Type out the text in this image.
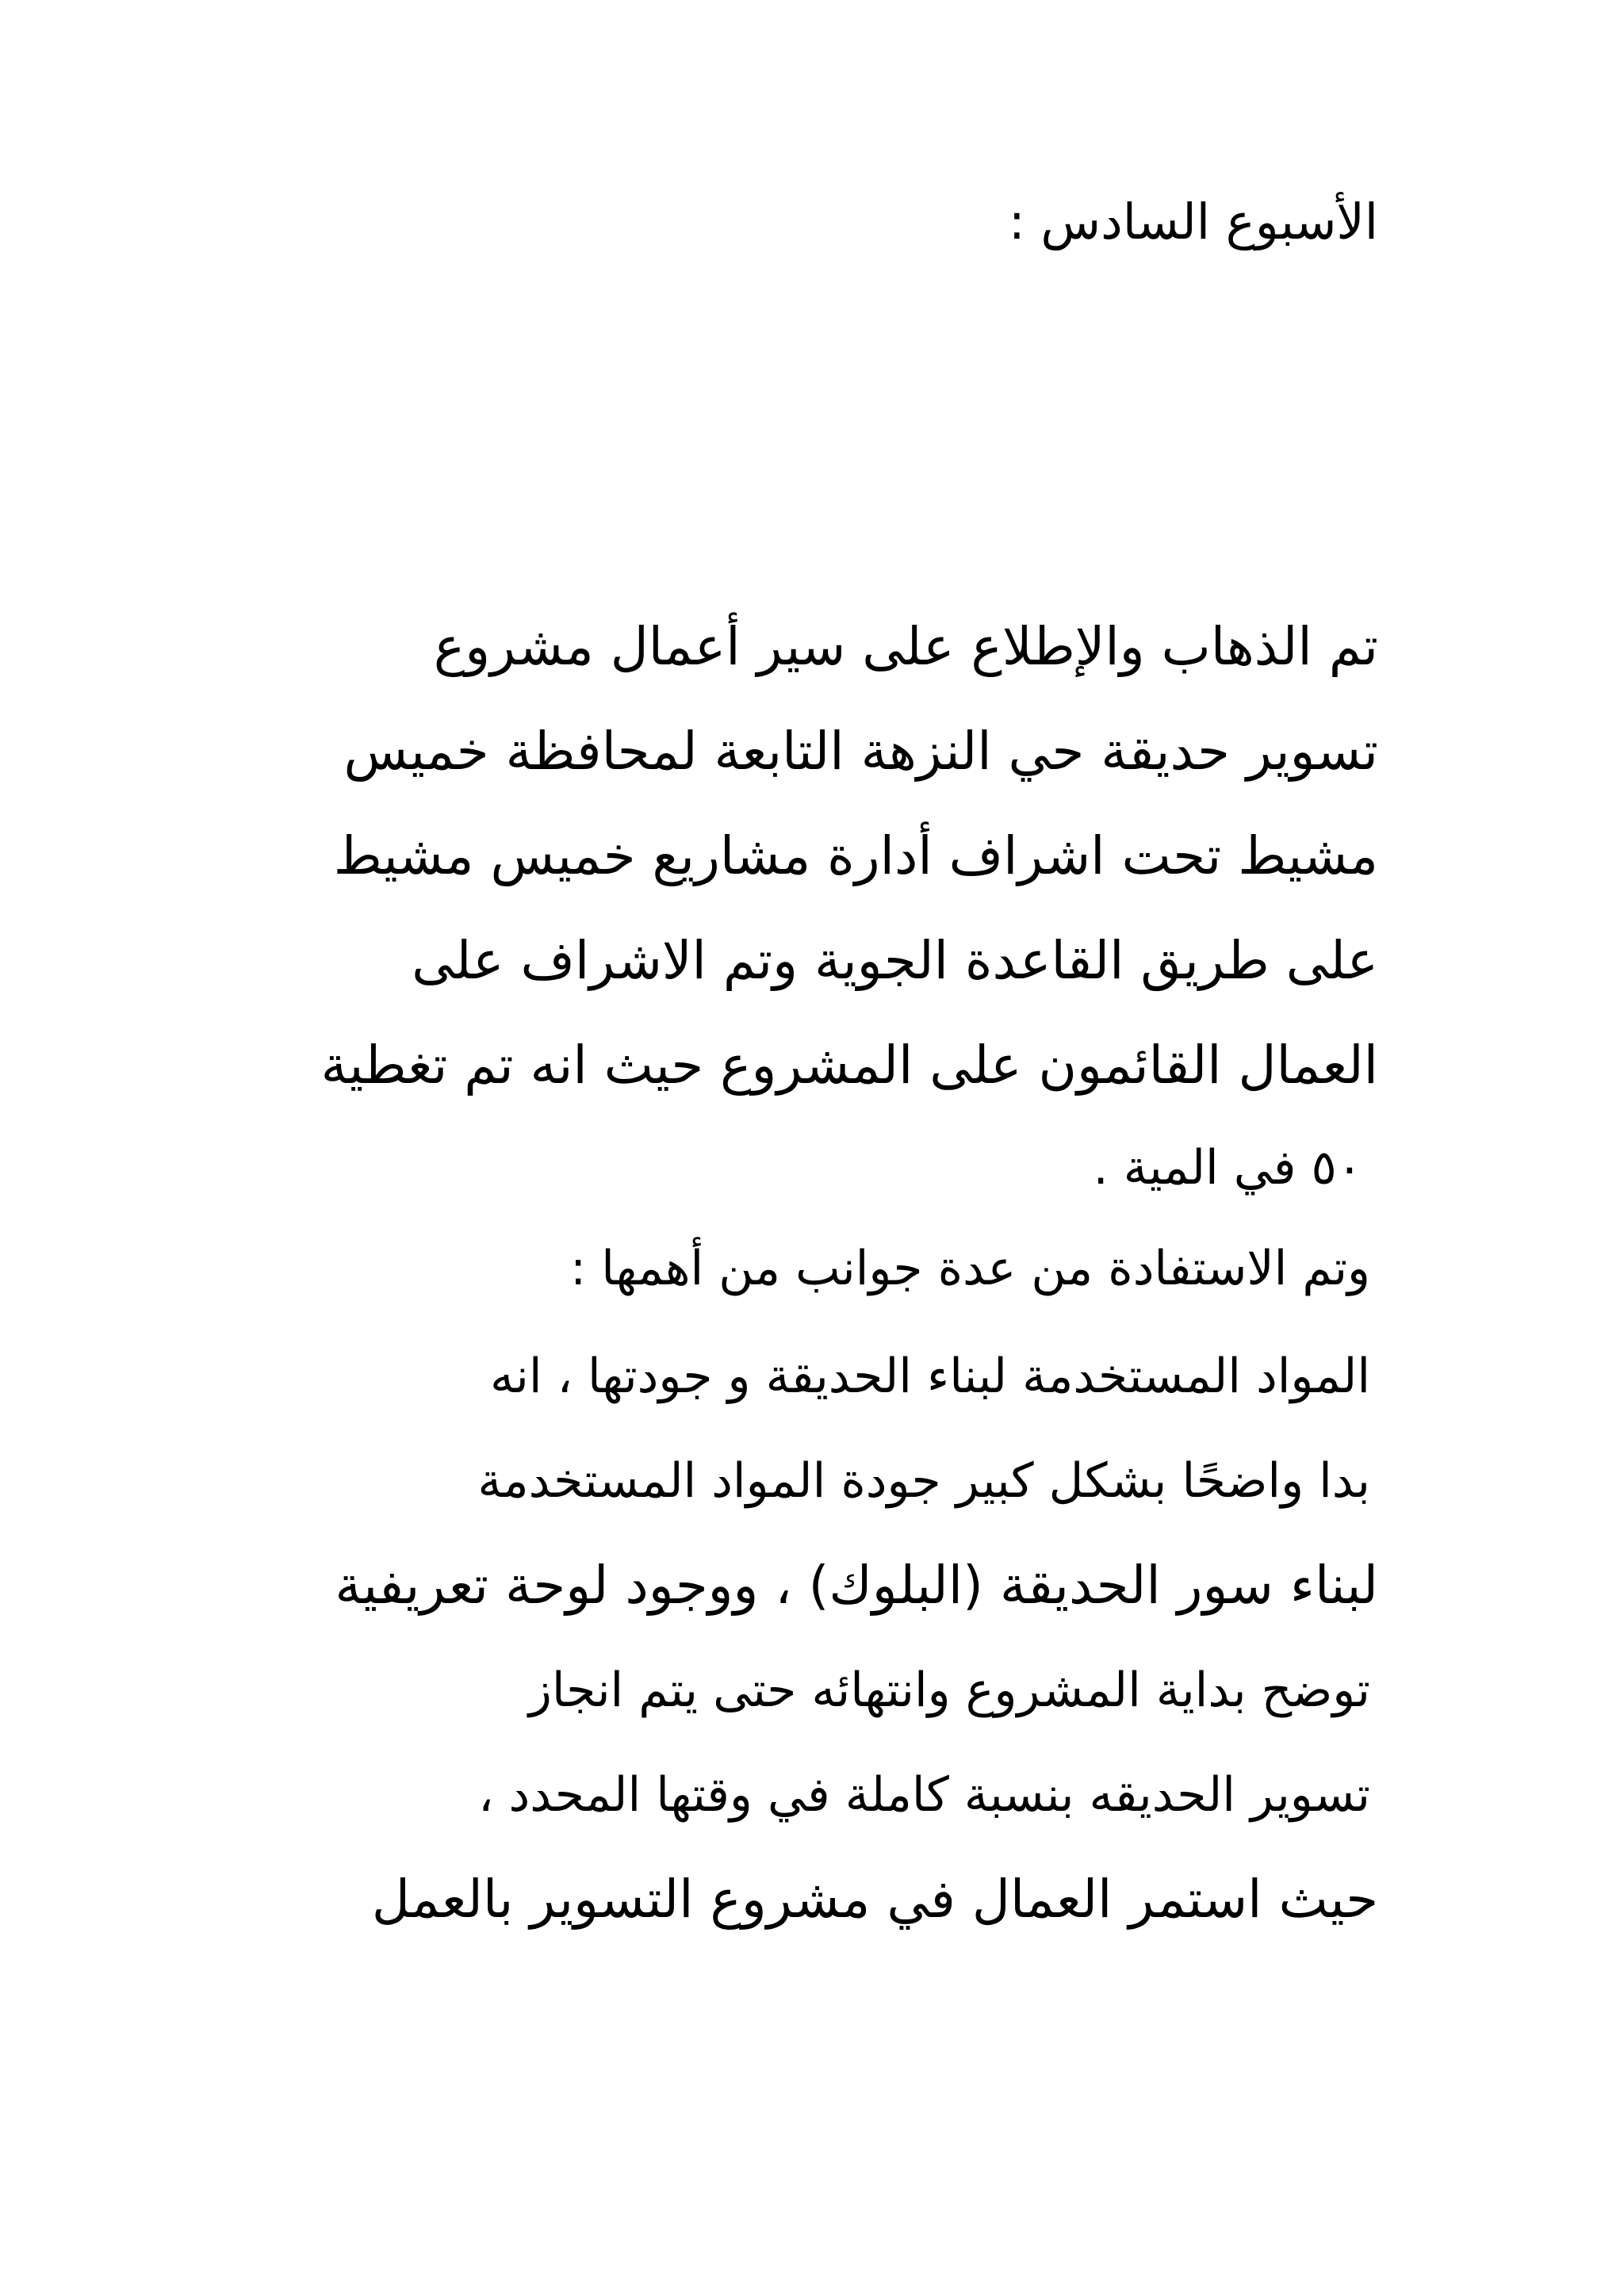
الأسبوع السادس :
تم الذهاب والإطلاع على سير أعمال مشروع
تسوير حديقة حي النزهة التابعة لمحافظة خميس
مشيط تحت اشراف أدارة مشاريع خميس مشيط
على طريق القاعدة الجوية وتم الاشراف على
العمال القائمون على المشروع حيث انه تم تغطية
٥٠ في المية .
وتم الاستفادة من عدة جوانب من أهمها :
المواد المستخدمة لبناء الحديقة و جودتها ، انه
بدا واضحًا بشكل كبير جودة المواد المستخدمة
لبناء سور الحديقة (البلوك) ، ووجود لوحة تعريفية
توضح بداية المشروع وانتهائه حتى يتم انجاز
تسوير الحديقه بنسبة كاملة في وقتها المحدد ،
حيث استمر العمال في مشروع التسوير بالعمل
